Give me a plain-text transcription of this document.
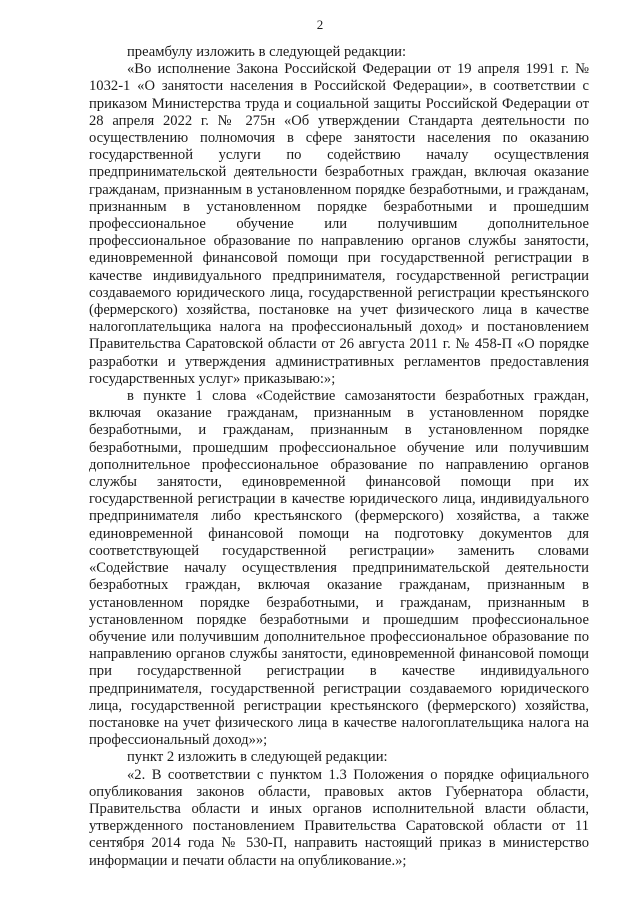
2

преамбулу изложить в следующей редакции:

«Во исполнение Закона Российской Федерации от 19 апреля 1991 г. № 1032-1 «О занятости населения в Российской Федерации», в соответствии с приказом Министерства труда и социальной защиты Российской Федерации от 28 апреля 2022 г. № 275н «Об утверждении Стандарта деятельности по осуществлению полномочия в сфере занятости населения по оказанию государственной услуги по содействию началу осуществления предпринимательской деятельности безработных граждан, включая оказание гражданам, признанным в установленном порядке безработными, и гражданам, признанным в установленном порядке безработными и прошедшим профессиональное обучение или получившим дополнительное профессиональное образование по направлению органов службы занятости, единовременной финансовой помощи при государственной регистрации в качестве индивидуального предпринимателя, государственной регистрации создаваемого юридического лица, государственной регистрации крестьянского (фермерского) хозяйства, постановке на учет физического лица в качестве налогоплательщика налога на профессиональный доход» и постановлением Правительства Саратовской области от 26 августа 2011 г. № 458-П «О порядке разработки и утверждения административных регламентов предоставления государственных услуг» приказываю:»;

в пункте 1 слова «Содействие самозанятости безработных граждан, включая оказание гражданам, признанным в установленном порядке безработными, и гражданам, признанным в установленном порядке безработными, прошедшим профессиональное обучение или получившим дополнительное профессиональное образование по направлению органов службы занятости, единовременной финансовой помощи при их государственной регистрации в качестве юридического лица, индивидуального предпринимателя либо крестьянского (фермерского) хозяйства, а также единовременной финансовой помощи на подготовку документов для соответствующей государственной регистрации» заменить словами «Содействие началу осуществления предпринимательской деятельности безработных граждан, включая оказание гражданам, признанным в установленном порядке безработными, и гражданам, признанным в установленном порядке безработными и прошедшим профессиональное обучение или получившим дополнительное профессиональное образование по направлению органов службы занятости, единовременной финансовой помощи при государственной регистрации в качестве индивидуального предпринимателя, государственной регистрации создаваемого юридического лица, государственной регистрации крестьянского (фермерского) хозяйства, постановке на учет физического лица в качестве налогоплательщика налога на профессиональный доход»»;

пункт 2 изложить в следующей редакции:

«2. В соответствии с пунктом 1.3 Положения о порядке официального опубликования законов области, правовых актов Губернатора области, Правительства области и иных органов исполнительной власти области, утвержденного постановлением Правительства Саратовской области от 11 сентября 2014 года № 530-П, направить настоящий приказ в министерство информации и печати области на опубликование.»;
